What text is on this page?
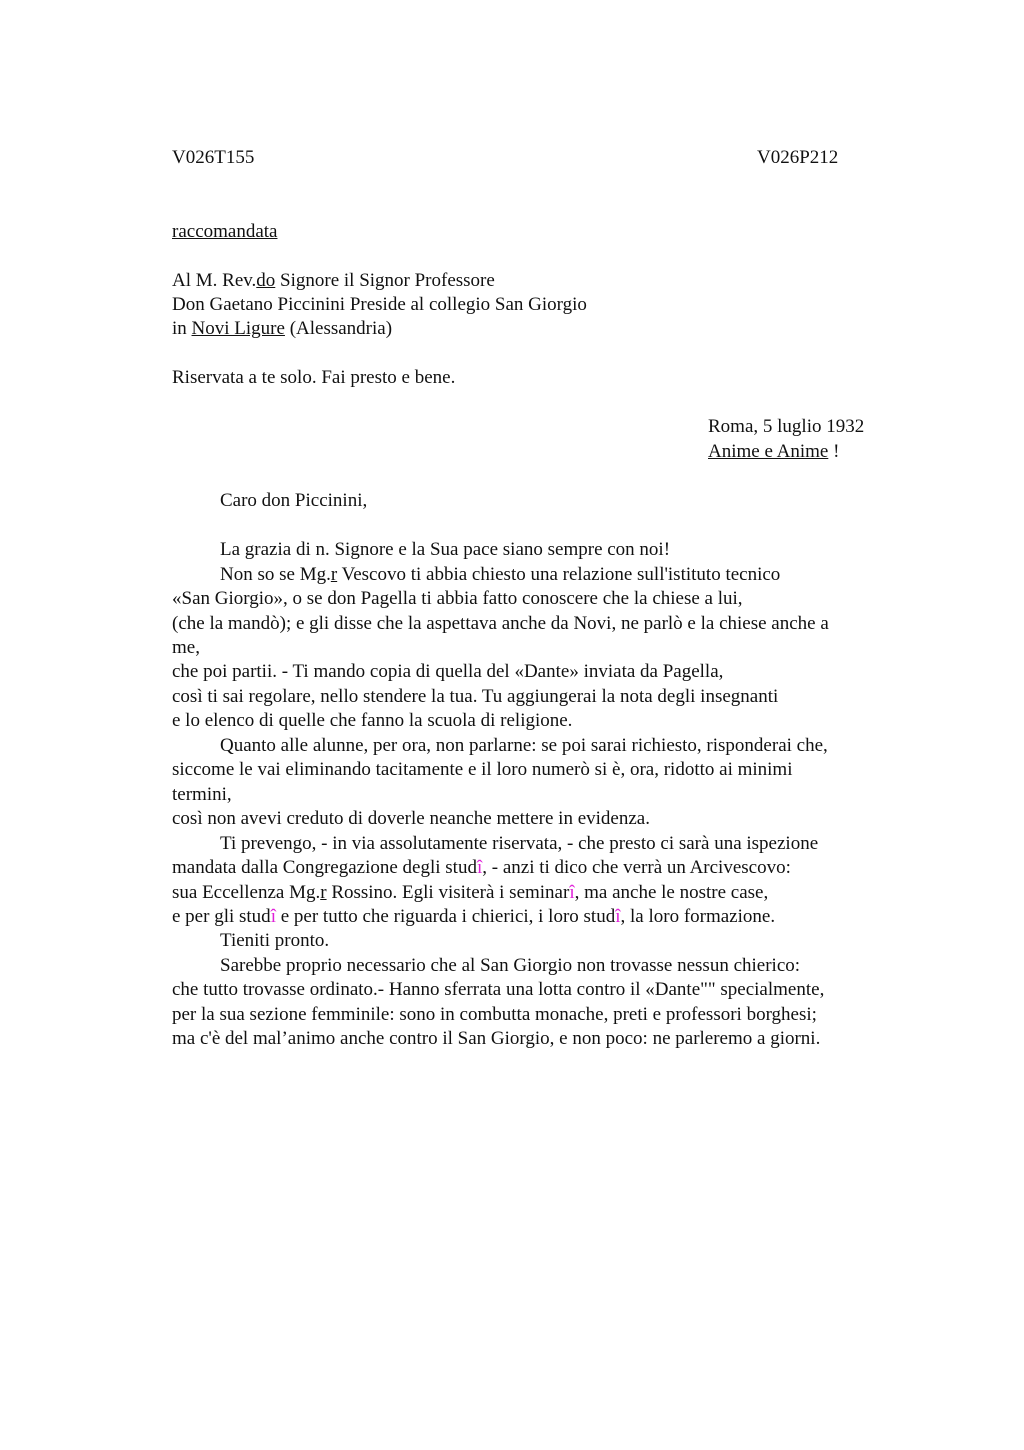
V026T155	V026P212
raccomandata
Al M. Rev.do Signore il Signor Professore
Don Gaetano Piccinini Preside al collegio San Giorgio
in Novi Ligure (Alessandria)
Riservata a te solo. Fai presto e bene.
Roma, 5 luglio 1932
Anime e Anime !
Caro don Piccinini,
La grazia di n. Signore e la Sua pace siano sempre con noi!
Non so se Mg.r Vescovo ti abbia chiesto una relazione sull'istituto tecnico
«San Giorgio», o se don Pagella ti abbia fatto conoscere che la chiese a lui,
(che la mandò); e gli disse che la aspettava anche da Novi, ne parlò e la chiese anche a
me,
che poi partii. - Ti mando copia di quella del «Dante» inviata da Pagella,
così ti sai regolare, nello stendere la tua. Tu aggiungerai la nota degli insegnanti
e lo elenco di quelle che fanno la scuola di religione.
Quanto alle alunne, per ora, non parlarne: se poi sarai richiesto, risponderai che,
siccome le vai eliminando tacitamente e il loro numerò si è, ora, ridotto ai minimi
termini,
così non avevi creduto di doverle neanche mettere in evidenza.
Ti prevengo, - in via assolutamente riservata, - che presto ci sarà una ispezione
mandata dalla Congregazione degli studî, - anzi ti dico che verrà un Arcivescovo:
sua Eccellenza Mg.r Rossino. Egli visiterà i seminarî, ma anche le nostre case,
e per gli studî e per tutto che riguarda i chierici, i loro studî, la loro formazione.
Tieniti pronto.
Sarebbe proprio necessario che al San Giorgio non trovasse nessun chierico:
che tutto trovasse ordinato.- Hanno sferrata una lotta contro il «Dante"" specialmente,
per la sua sezione femminile: sono in combutta monache, preti e professori borghesi;
ma c'è del mal’animo anche contro il San Giorgio, e non poco: ne parleremo a giorni.
